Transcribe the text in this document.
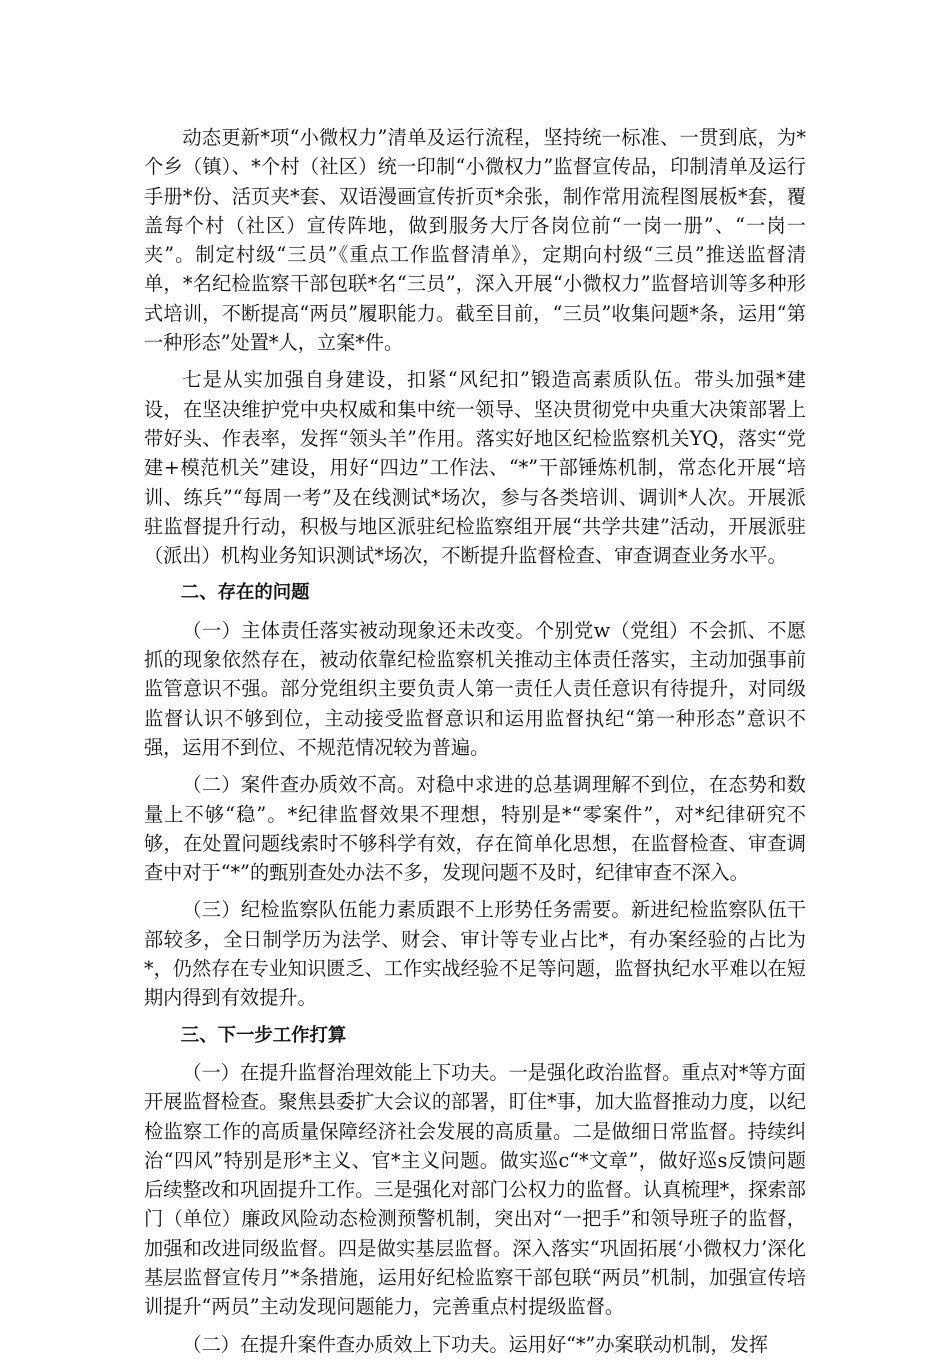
动态更新*项“小微权力”清单及运行流程，坚持统一标准、一贯到底，为*个乡（镇）、*个村（社区）统一印制“小微权力”监督宣传品，印制清单及运行手册*份、活页夹*套、双语漫画宣传折页*余张，制作常用流程图展板*套，覆盖每个村（社区）宣传阵地，做到服务大厅各岗位前“一岗一册”、“一岗一夹”。制定村级“三员”《重点工作监督清单》，定期向村级“三员”推送监督清单，*名纪检监察干部包联*名“三员”，深入开展“小微权力”监督培训等多种形式培训，不断提高“两员”履职能力。截至目前，“三员”收集问题*条，运用“第一种形态”处置*人，立案*件。

七是从实加强自身建设，扣紧“风纪扣”锻造高素质队伍。带头加强*建设，在坚决维护党中央权威和集中统一领导、坚决贯彻党中央重大决策部署上带好头、作表率，发挥“领头羊”作用。落实好地区纪检监察机关YQ，落实“党建+模范机关”建设，用好“四边”工作法、“*”干部锤炼机制，常态化开展“培训、练兵”“每周一考”及在线测试*场次，参与各类培训、调训*人次。开展派驻监督提升行动，积极与地区派驻纪检监察组开展“共学共建”活动，开展派驻（派出）机构业务知识测试*场次，不断提升监督检查、审查调查业务水平。

二、存在的问题

（一）主体责任落实被动现象还未改变。个别党w（党组）不会抓、不愿抓的现象依然存在，被动依靠纪检监察机关推动主体责任落实，主动加强事前监管意识不强。部分党组织主要负责人第一责任人责任意识有待提升，对同级监督认识不够到位，主动接受监督意识和运用监督执纪“第一种形态”意识不强，运用不到位、不规范情况较为普遍。

（二）案件查办质效不高。对稳中求进的总基调理解不到位，在态势和数量上不够“稳”。*纪律监督效果不理想，特别是*“零案件”，对*纪律研究不够，在处置问题线索时不够科学有效，存在简单化思想，在监督检查、审查调查中对于“*”的甄别查处办法不多，发现问题不及时，纪律审查不深入。

（三）纪检监察队伍能力素质跟不上形势任务需要。新进纪检监察队伍干部较多，全日制学历为法学、财会、审计等专业占比*，有办案经验的占比为*，仍然存在专业知识匮乏、工作实战经验不足等问题，监督执纪水平难以在短期内得到有效提升。

三、下一步工作打算

（一）在提升监督治理效能上下功夫。一是强化政治监督。重点对*等方面开展监督检查。聚焦县委扩大会议的部署，盯住*事，加大监督推动力度，以纪检监察工作的高质量保障经济社会发展的高质量。二是做细日常监督。持续纠治“四风”特别是形*主义、官*主义问题。做实巡c“*文章”，做好巡s反馈问题后续整改和巩固提升工作。三是强化对部门公权力的监督。认真梳理*，探索部门（单位）廉政风险动态检测预警机制，突出对“一把手”和领导班子的监督，加强和改进同级监督。四是做实基层监督。深入落实“巩固拓展‘小微权力’深化基层监督宣传月”*条措施，运用好纪检监察干部包联“两员”机制，加强宣传培训提升“两员”主动发现问题能力，完善重点村提级监督。

（二）在提升案件查办质效上下功夫。运用好“*”办案联动机制，发挥
